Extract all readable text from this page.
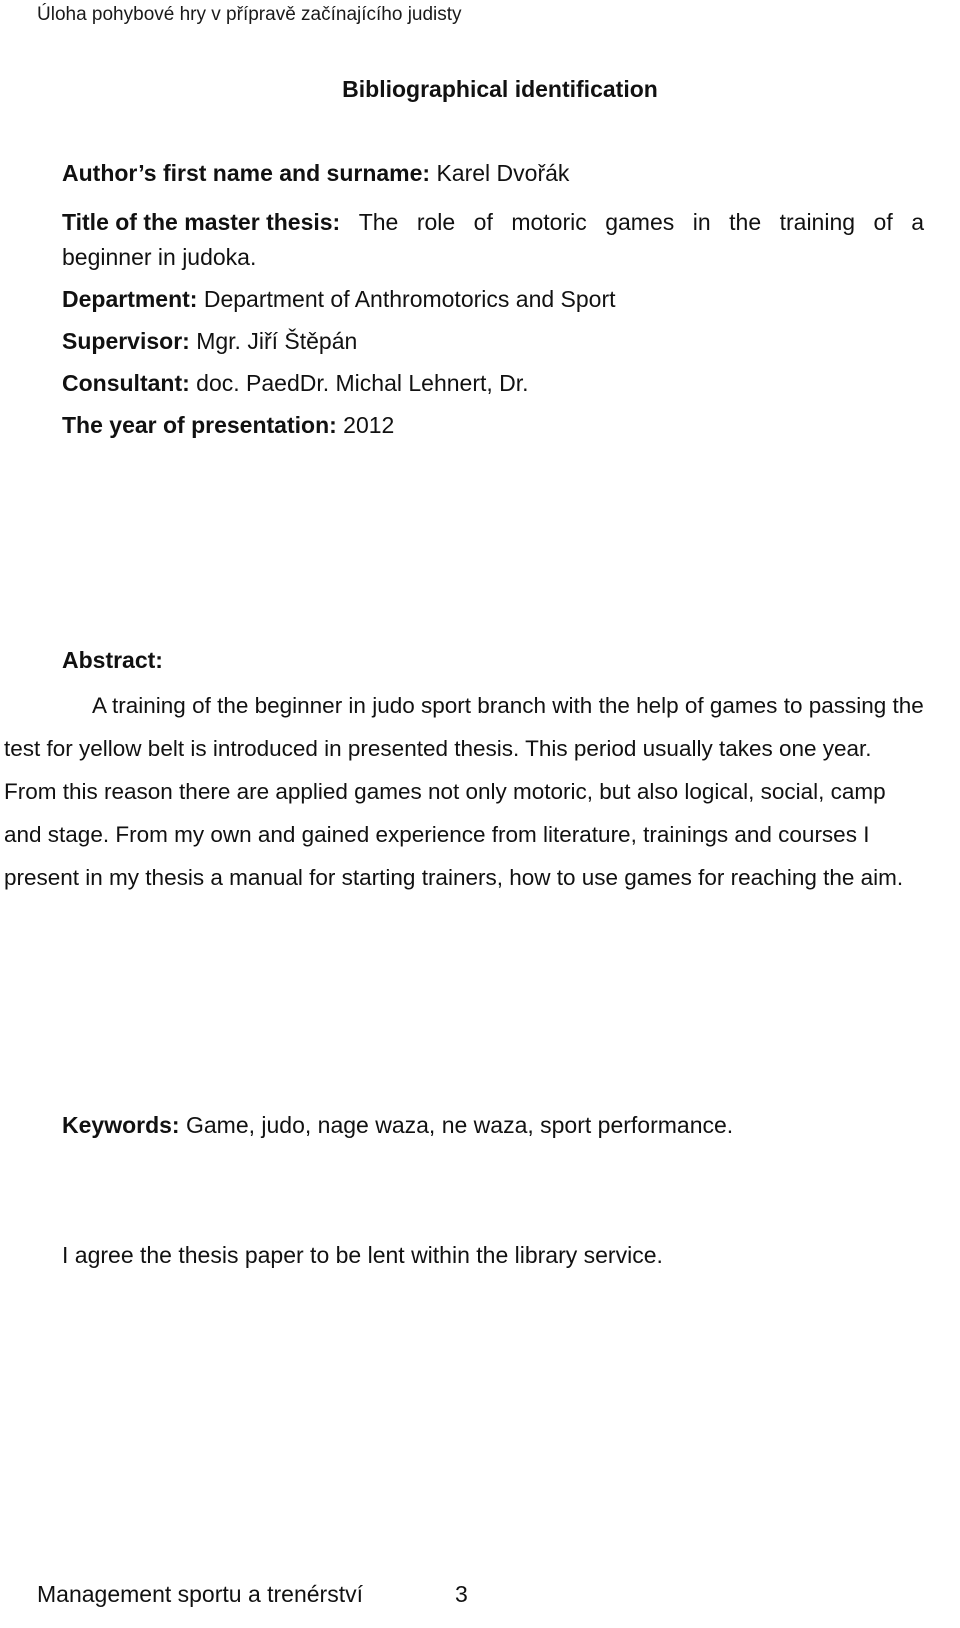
Úloha pohybové hry v přípravě začínajícího judisty
Bibliographical identification
Author’s first name and surname: Karel Dvořák
Title of the master thesis: The role of motoric games in the training of a
beginner in judoka.
Department: Department of Anthromotorics and Sport
Supervisor: Mgr. Jiří Štěpán
Consultant: doc. PaedDr. Michal Lehnert, Dr.
The year of presentation: 2012
Abstract:

A training of the beginner in judo sport branch with the help of games to passing the test for yellow belt is introduced in presented thesis. This period usually takes one year. From this reason there are applied games not only motoric, but also logical, social, camp and stage. From my own and gained experience from literature, trainings and courses I present in my thesis a manual for starting trainers, how to use games for reaching the aim.

Keywords: Game, judo, nage waza, ne waza, sport performance.
I agree the thesis paper to be lent within the library service.
Management sportu a trenérství	3
